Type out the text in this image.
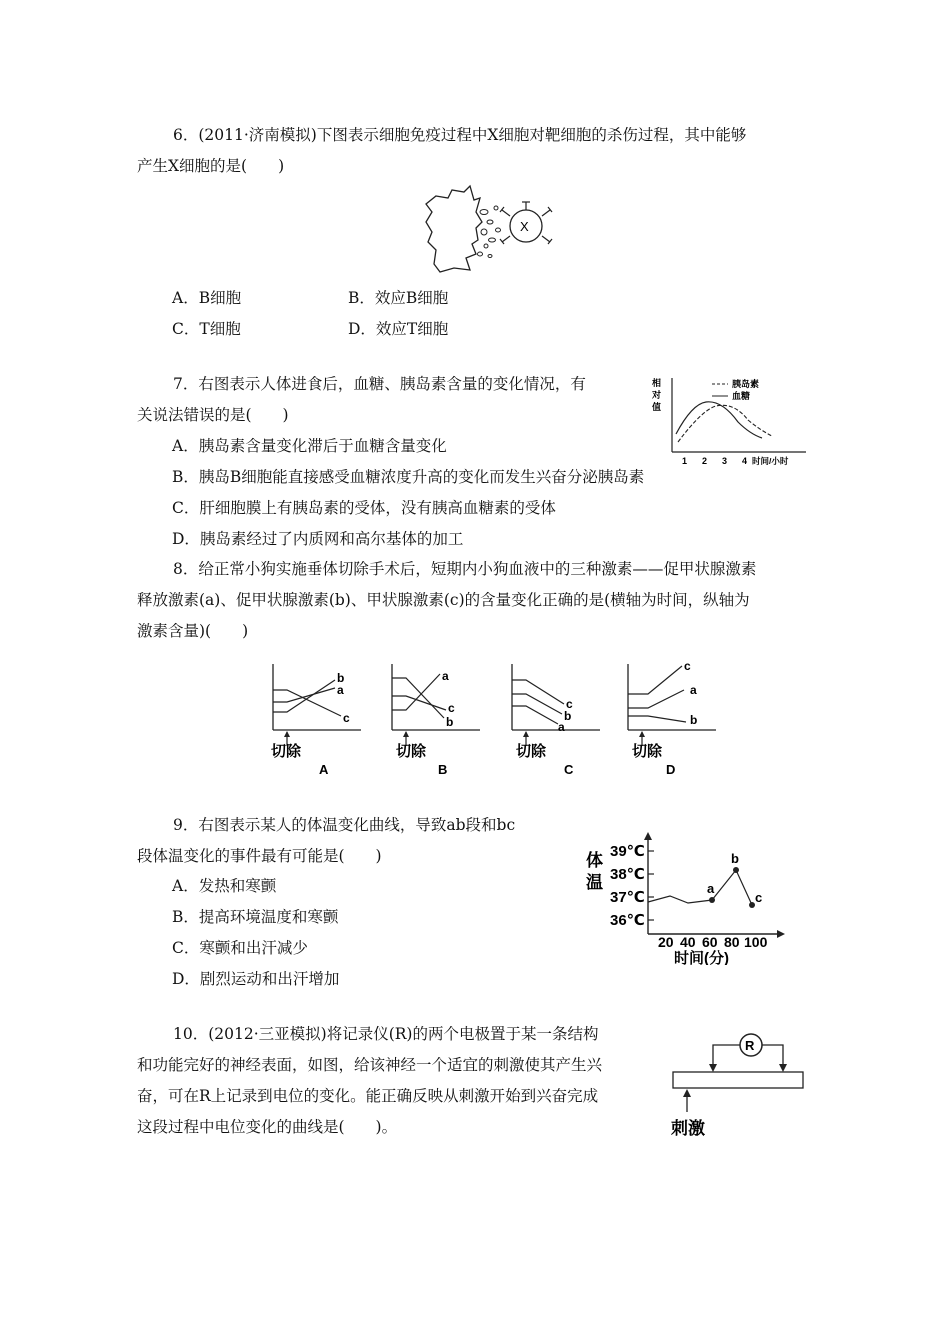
6．(2011·济南模拟)下图表示细胞免疫过程中X细胞对靶细胞的杀伤过程，其中能够
产生X细胞的是(　　)
X
A．B细胞	B．效应B细胞
C．T细胞	D．效应T细胞
7．右图表示人体进食后，血糖、胰岛素含量的变化情况，有
关说法错误的是(　　)
A．胰岛素含量变化滞后于血糖含量变化
B．胰岛B细胞能直接感受血糖浓度升高的变化而发生兴奋分泌胰岛素
C．肝细胞膜上有胰岛素的受体，没有胰高血糖素的受体
D．胰岛素经过了内质网和高尔基体的加工
相
对
值
胰岛素
血糖
1 2 3 4 时间/小时
8．给正常小狗实施垂体切除手术后，短期内小狗血液中的三种激素——促甲状腺激素
释放激素(a)、促甲状腺激素(b)、甲状腺激素(c)的含量变化正确的是(横轴为时间，纵轴为
激素含量)(　　)
b
a
c
切除
A
a
c
b
切除
B
c
b
a
切除
C
c
a
b
切除
D
9．右图表示某人的体温变化曲线，导致ab段和bc
段体温变化的事件最有可能是(　　)
A．发热和寒颤
B．提高环境温度和寒颤
C．寒颤和出汗减少
D．剧烈运动和出汗增加
体
温
39℃
38℃
37℃
36℃
a
b
c
20 40 60 80 100
时间(分)
10．(2012·三亚模拟)将记录仪(R)的两个电极置于某一条结构
和功能完好的神经表面，如图，给该神经一个适宜的刺激使其产生兴
奋，可在R上记录到电位的变化。能正确反映从刺激开始到兴奋完成
这段过程中电位变化的曲线是(　　)。
R
刺激
